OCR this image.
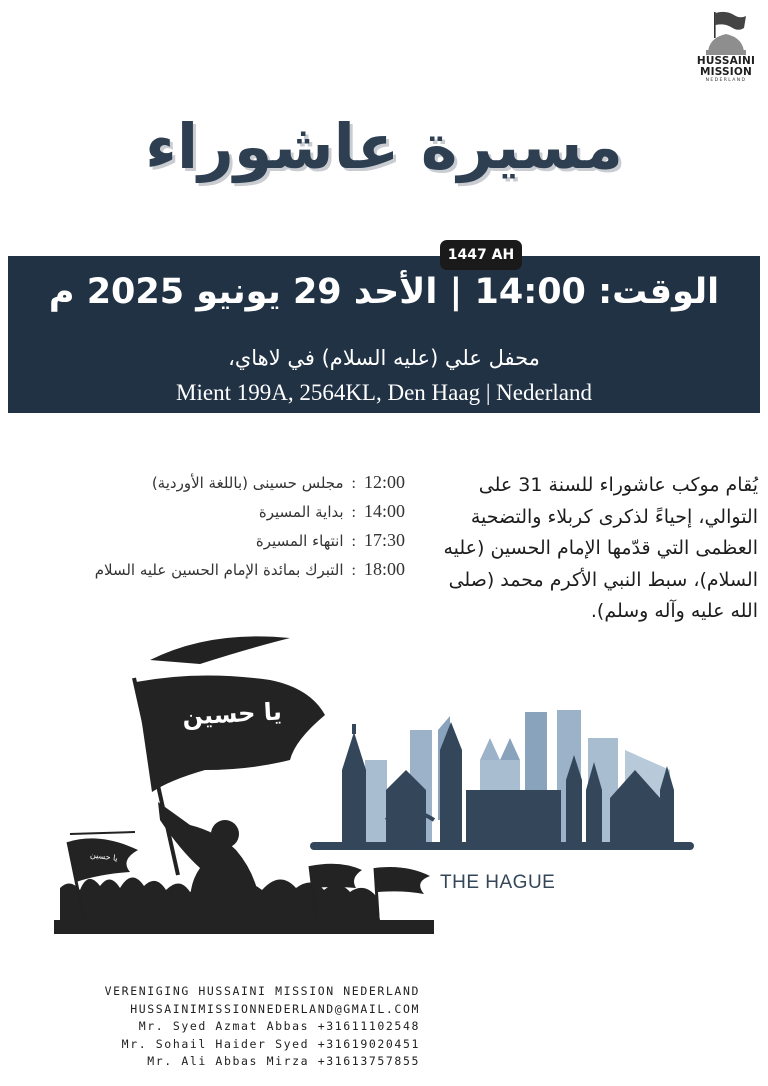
HUSSAINI
MISSION
NEDERLAND
مسيرة عاشوراء
1447 AH
الوقت: 14:00 | الأحد 29 يونيو 2025 م
محفل علي (عليه السلام) في لاهاي،
Mient 199A, 2564KL, Den Haag | Nederland
يُقام موكب عاشوراء للسنة 31 على التوالي، إحياءً لذكرى كربلاء والتضحية العظمى التي قدّمها الإمام الحسين (عليه السلام)، سبط النبي الأكرم محمد (صلى الله عليه وآله وسلم).
12:00
:
مجلس حسينى (باللغة الأوردية)
14:00
:
بداية المسيرة
17:30
:
انتهاء المسيرة
18:00
:
التبرك بمائدة الإمام الحسين عليه السلام
يا حسين
يا حسين
THE HAGUE
VERENIGING HUSSAINI MISSION NEDERLAND
HUSSAINIMISSIONNEDERLAND@GMAIL.COM
Mr. Syed Azmat Abbas +31611102548
Mr. Sohail Haider Syed +31619020451
Mr. Ali Abbas Mirza +31613757855
